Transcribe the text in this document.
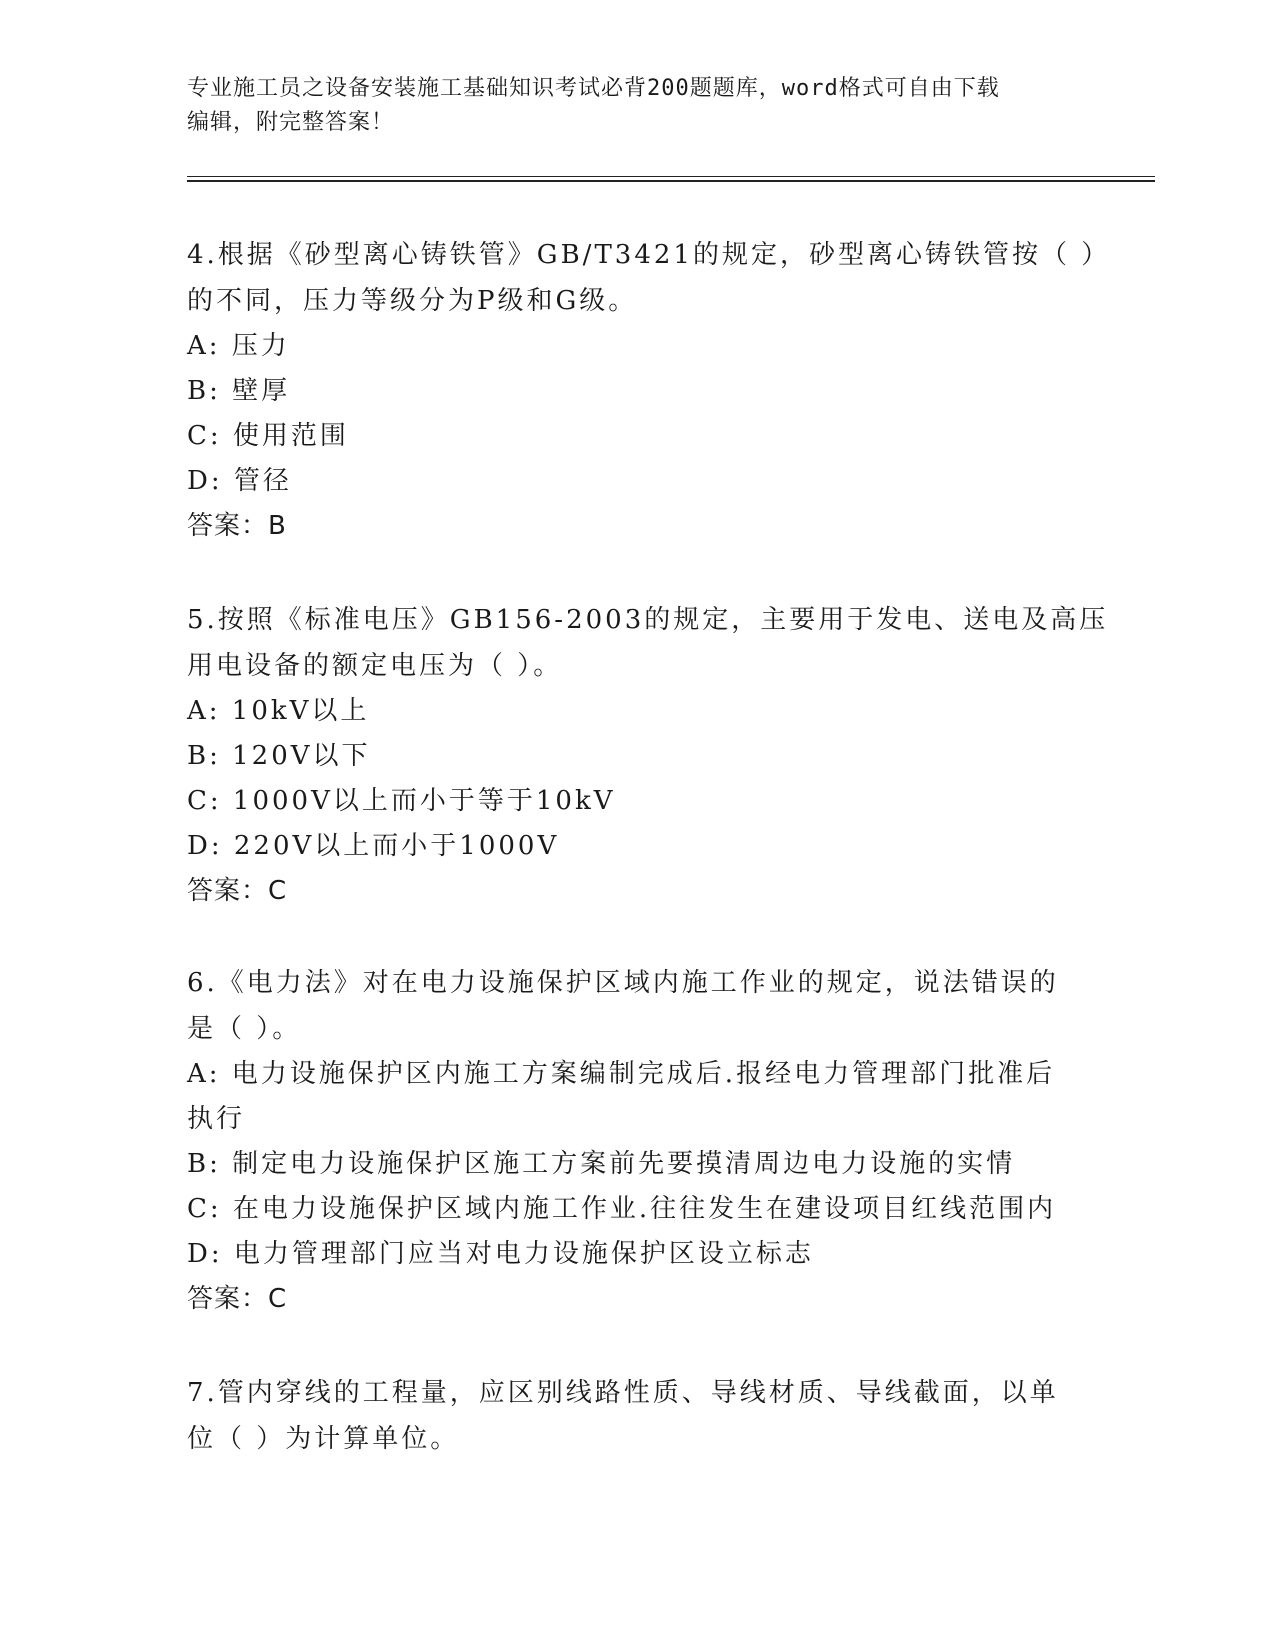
专业施工员之设备安装施工基础知识考试必背200题题库，word格式可自由下载
编辑，附完整答案！
4.根据《砂型离心铸铁管》GB/T3421的规定，砂型离心铸铁管按（ ）
的不同，压力等级分为P级和G级。
A: 压力
B: 壁厚
C: 使用范围
D: 管径
答案：B
5.按照《标准电压》GB156-2003的规定，主要用于发电、送电及高压
用电设备的额定电压为（ ）。
A: 10kV以上
B: 120V以下
C: 1000V以上而小于等于10kV
D: 220V以上而小于1000V
答案：C
6.《电力法》对在电力设施保护区域内施工作业的规定，说法错误的
是（ ）。
A: 电力设施保护区内施工方案编制完成后.报经电力管理部门批准后
执行
B: 制定电力设施保护区施工方案前先要摸清周边电力设施的实情
C: 在电力设施保护区域内施工作业.往往发生在建设项目红线范围内
D: 电力管理部门应当对电力设施保护区设立标志
答案：C
7.管内穿线的工程量，应区别线路性质、导线材质、导线截面，以单
位（ ）为计算单位。
